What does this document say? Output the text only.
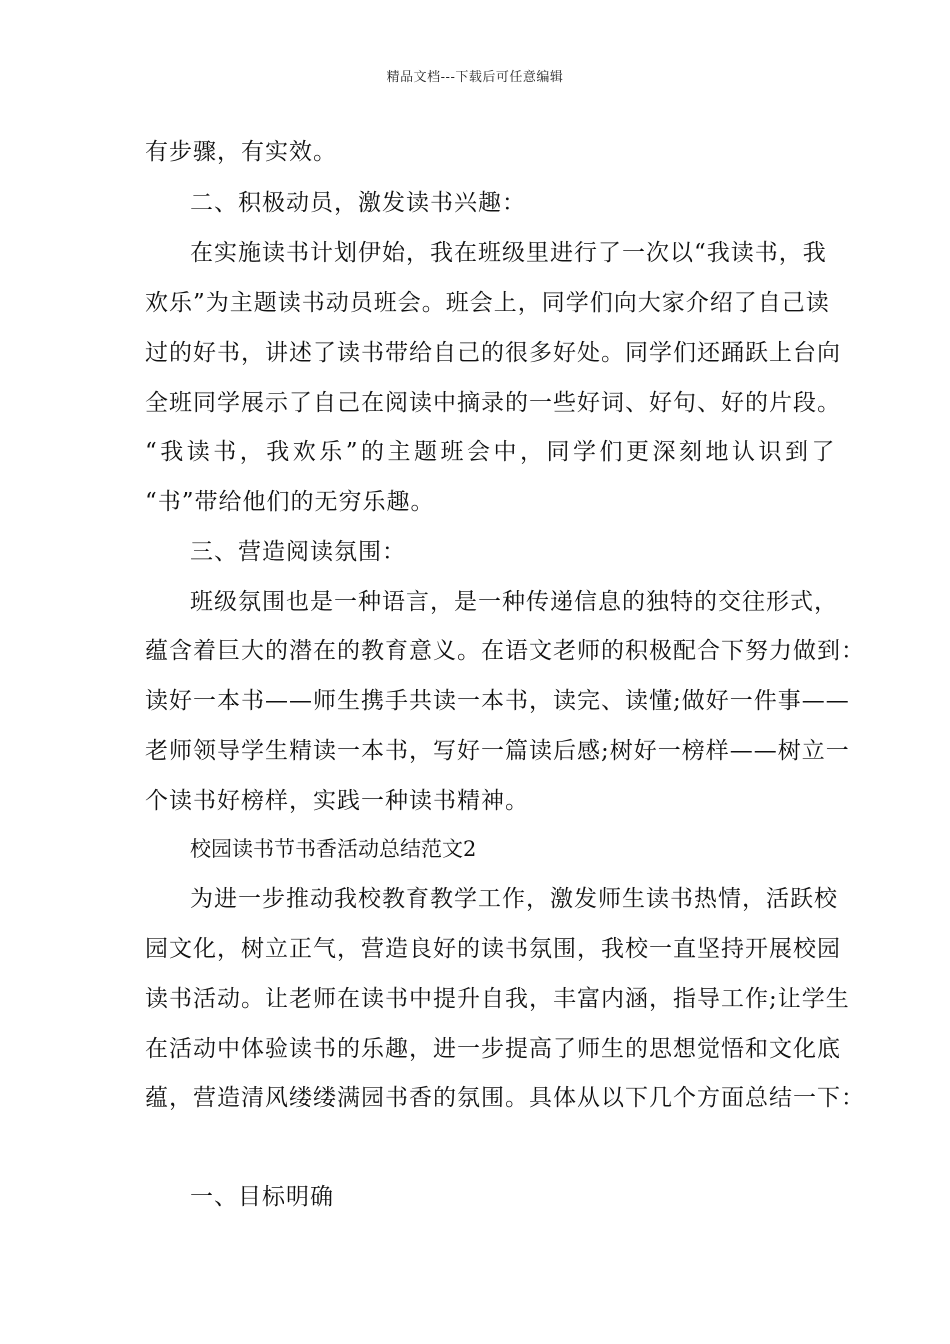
精品文档---下载后可任意编辑
有步骤，有实效。
二、积极动员，激发读书兴趣：
在实施读书计划伊始，我在班级里进行了一次以“我读书，我
欢乐”为主题读书动员班会。班会上，同学们向大家介绍了自己读
过的好书，讲述了读书带给自己的很多好处。同学们还踊跃上台向
全班同学展示了自己在阅读中摘录的一些好词、好句、好的片段。
“我读书，我欢乐”的主题班会中，同学们更深刻地认识到了
“书”带给他们的无穷乐趣。
三、营造阅读氛围：
班级氛围也是一种语言，是一种传递信息的独特的交往形式，
蕴含着巨大的潜在的教育意义。在语文老师的积极配合下努力做到：
读好一本书——师生携手共读一本书，读完、读懂;做好一件事——
老师领导学生精读一本书，写好一篇读后感;树好一榜样——树立一
个读书好榜样，实践一种读书精神。
校园读书节书香活动总结范文2
为进一步推动我校教育教学工作，激发师生读书热情，活跃校
园文化，树立正气，营造良好的读书氛围，我校一直坚持开展校园
读书活动。让老师在读书中提升自我，丰富内涵，指导工作;让学生
在活动中体验读书的乐趣，进一步提高了师生的思想觉悟和文化底
蕴，营造清风缕缕满园书香的氛围。具体从以下几个方面总结一下：
一、目标明确
